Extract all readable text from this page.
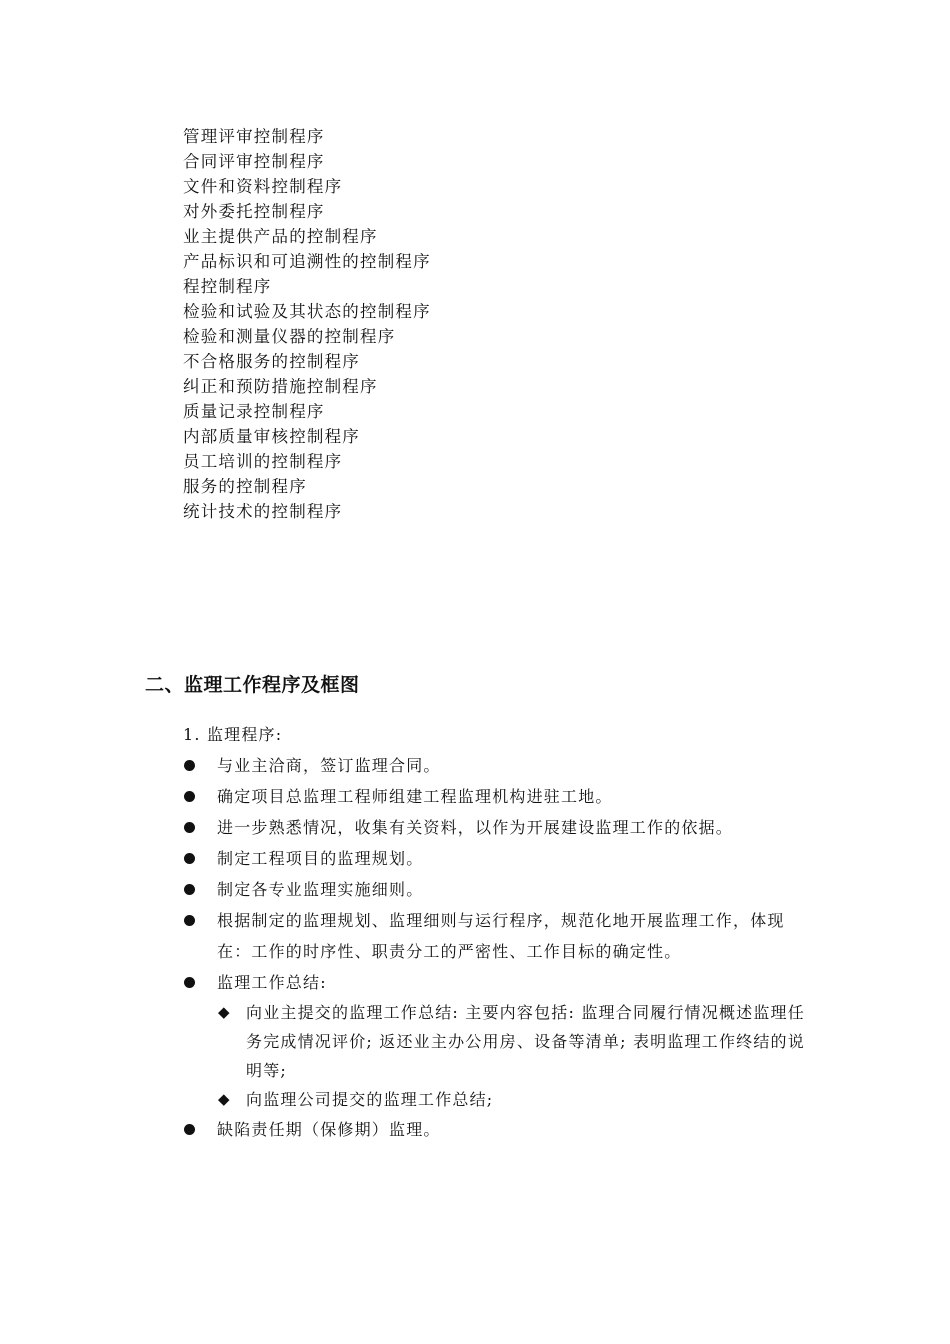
管理评审控制程序
合同评审控制程序
文件和资料控制程序
对外委托控制程序
业主提供产品的控制程序
产品标识和可追溯性的控制程序
程控制程序
检验和试验及其状态的控制程序
检验和测量仪器的控制程序
不合格服务的控制程序
纠正和预防措施控制程序
质量记录控制程序
内部质量审核控制程序
员工培训的控制程序
服务的控制程序
统计技术的控制程序
二、监理工作程序及框图
1. 监理程序:
与业主洽商，签订监理合同。
确定项目总监理工程师组建工程监理机构进驻工地。
进一步熟悉情况，收集有关资料，以作为开展建设监理工作的依据。
制定工程项目的监理规划。
制定各专业监理实施细则。
根据制定的监理规划、监理细则与运行程序，规范化地开展监理工作，体现在：工作的时序性、职责分工的严密性、工作目标的确定性。
监理工作总结:
◆ 向业主提交的监理工作总结: 主要内容包括: 监理合同履行情况概述监理任务完成情况评价; 返还业主办公用房、设备等清单; 表明监理工作终结的说明等;
◆ 向监理公司提交的监理工作总结;
缺陷责任期（保修期）监理。
